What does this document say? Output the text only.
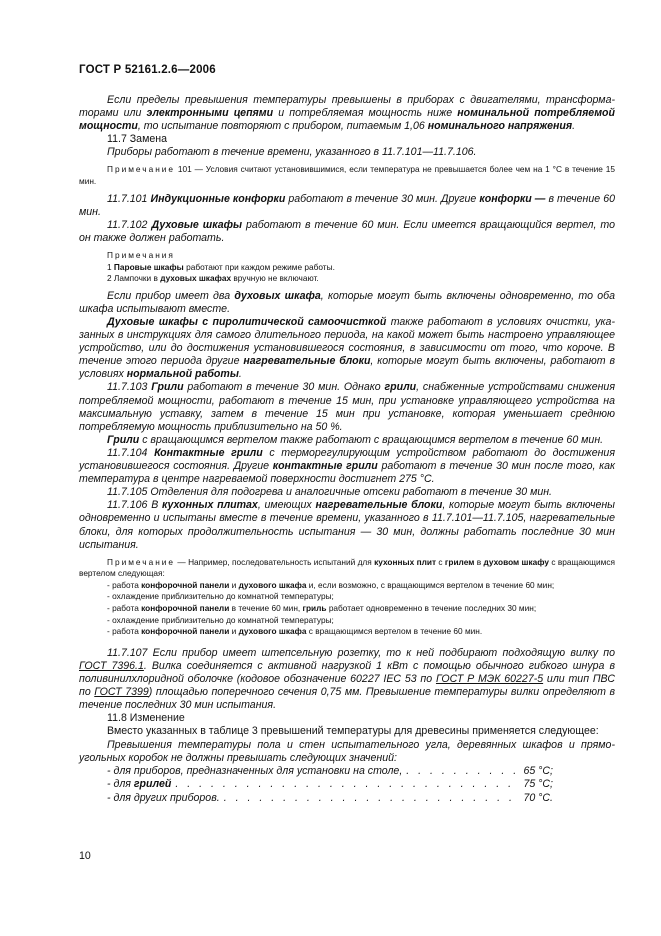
ГОСТ Р 52161.2.6—2006

Если пределы превышения температуры превышены в приборах с двигателями, трансформаторами или электронными цепями и потребляемая мощность ниже номинальной потребляемой мощности, то испытание повторяют с прибором, питаемым 1,06 номинального напряжения.

11.7 Замена

Приборы работают в течение времени, указанного в 11.7.101—11.7.106.

Примечание 101 — Условия считают установившимися, если температура не превышается более чем на 1 °С в течение 15 мин.

11.7.101 Индукционные конфорки работают в течение 30 мин. Другие конфорки — в течение 60 мин.

11.7.102 Духовые шкафы работают в течение 60 мин. Если имеется вращающийся вертел, то он также должен работать.

Примечания

1 Паровые шкафы работают при каждом режиме работы.

2 Лампочки в духовых шкафах вручную не включают.

Если прибор имеет два духовых шкафа, которые могут быть включены одновременно, то оба шкафа испытывают вместе.

Духовые шкафы с пиролитической самоочисткой также работают в условиях очистки, указанных в инструкциях для самого длительного периода, на какой может быть настроено управляющее устройство, или до достижения установившегося состояния, в зависимости от того, что короче. В течение этого периода другие нагревательные блоки, которые могут быть включены, работают в условиях нормальной работы.

11.7.103 Грили работают в течение 30 мин. Однако грили, снабженные устройствами снижения потребляемой мощности, работают в течение 15 мин, при установке управляющего устройства на максимальную уставку, затем в течение 15 мин при установке, которая уменьшает среднюю потребляемую мощность приблизительно на 50 %.

Грили с вращающимся вертелом также работают с вращающимся вертелом в течение 60 мин.

11.7.104 Контактные грили с терморегулирующим устройством работают до достижения установившегося состояния. Другие контактные грили работают в течение 30 мин после того, как температура в центре нагреваемой поверхности достигнет 275 °С.

11.7.105 Отделения для подогрева и аналогичные отсеки работают в течение 30 мин.

11.7.106 В кухонных плитах, имеющих нагревательные блоки, которые могут быть включены одновременно и испытаны вместе в течение времени, указанного в 11.7.101—11.7.105, нагревательные блоки, для которых продолжительность испытания — 30 мин, должны работать последние 30 мин испытания.

Примечание — Например, последовательность испытаний для кухонных плит с грилем в духовом шкафу с вращающимся вертелом следующая:

- работа конфорочной панели и духового шкафа и, если возможно, с вращающимся вертелом в течение 60 мин;

- охлаждение приблизительно до комнатной температуры;

- работа конфорочной панели в течение 60 мин, гриль работает одновременно в течение последних 30 мин;

- охлаждение приблизительно до комнатной температуры;

- работа конфорочной панели и духового шкафа с вращающимся вертелом в течение 60 мин.

11.7.107 Если прибор имеет штепсельную розетку, то к ней подбирают подходящую вилку по ГОСТ 7396.1. Вилка соединяется с активной нагрузкой 1 кВт с помощью обычного гибкого шнура в поливинилхлоридной оболочке (кодовое обозначение 60227 IEC 53 по ГОСТ Р МЭК 60227-5 или тип ПВС по ГОСТ 7399) площадью поперечного сечения 0,75 мм. Превышение температуры вилки определяют в течение последних 30 мин испытания.

11.8 Изменение

Вместо указанных в таблице 3 превышений температуры для древесины применяется следующее:

Превышения температуры пола и стен испытательного угла, деревянных шкафов и прямоугольных коробок не должны превышать следующих значений:

- для приборов, предназначенных для установки на столе, . . .	65 °С;
- для грилей . . .	75 °С;
- для других приборов. . . .	70 °С.
10
